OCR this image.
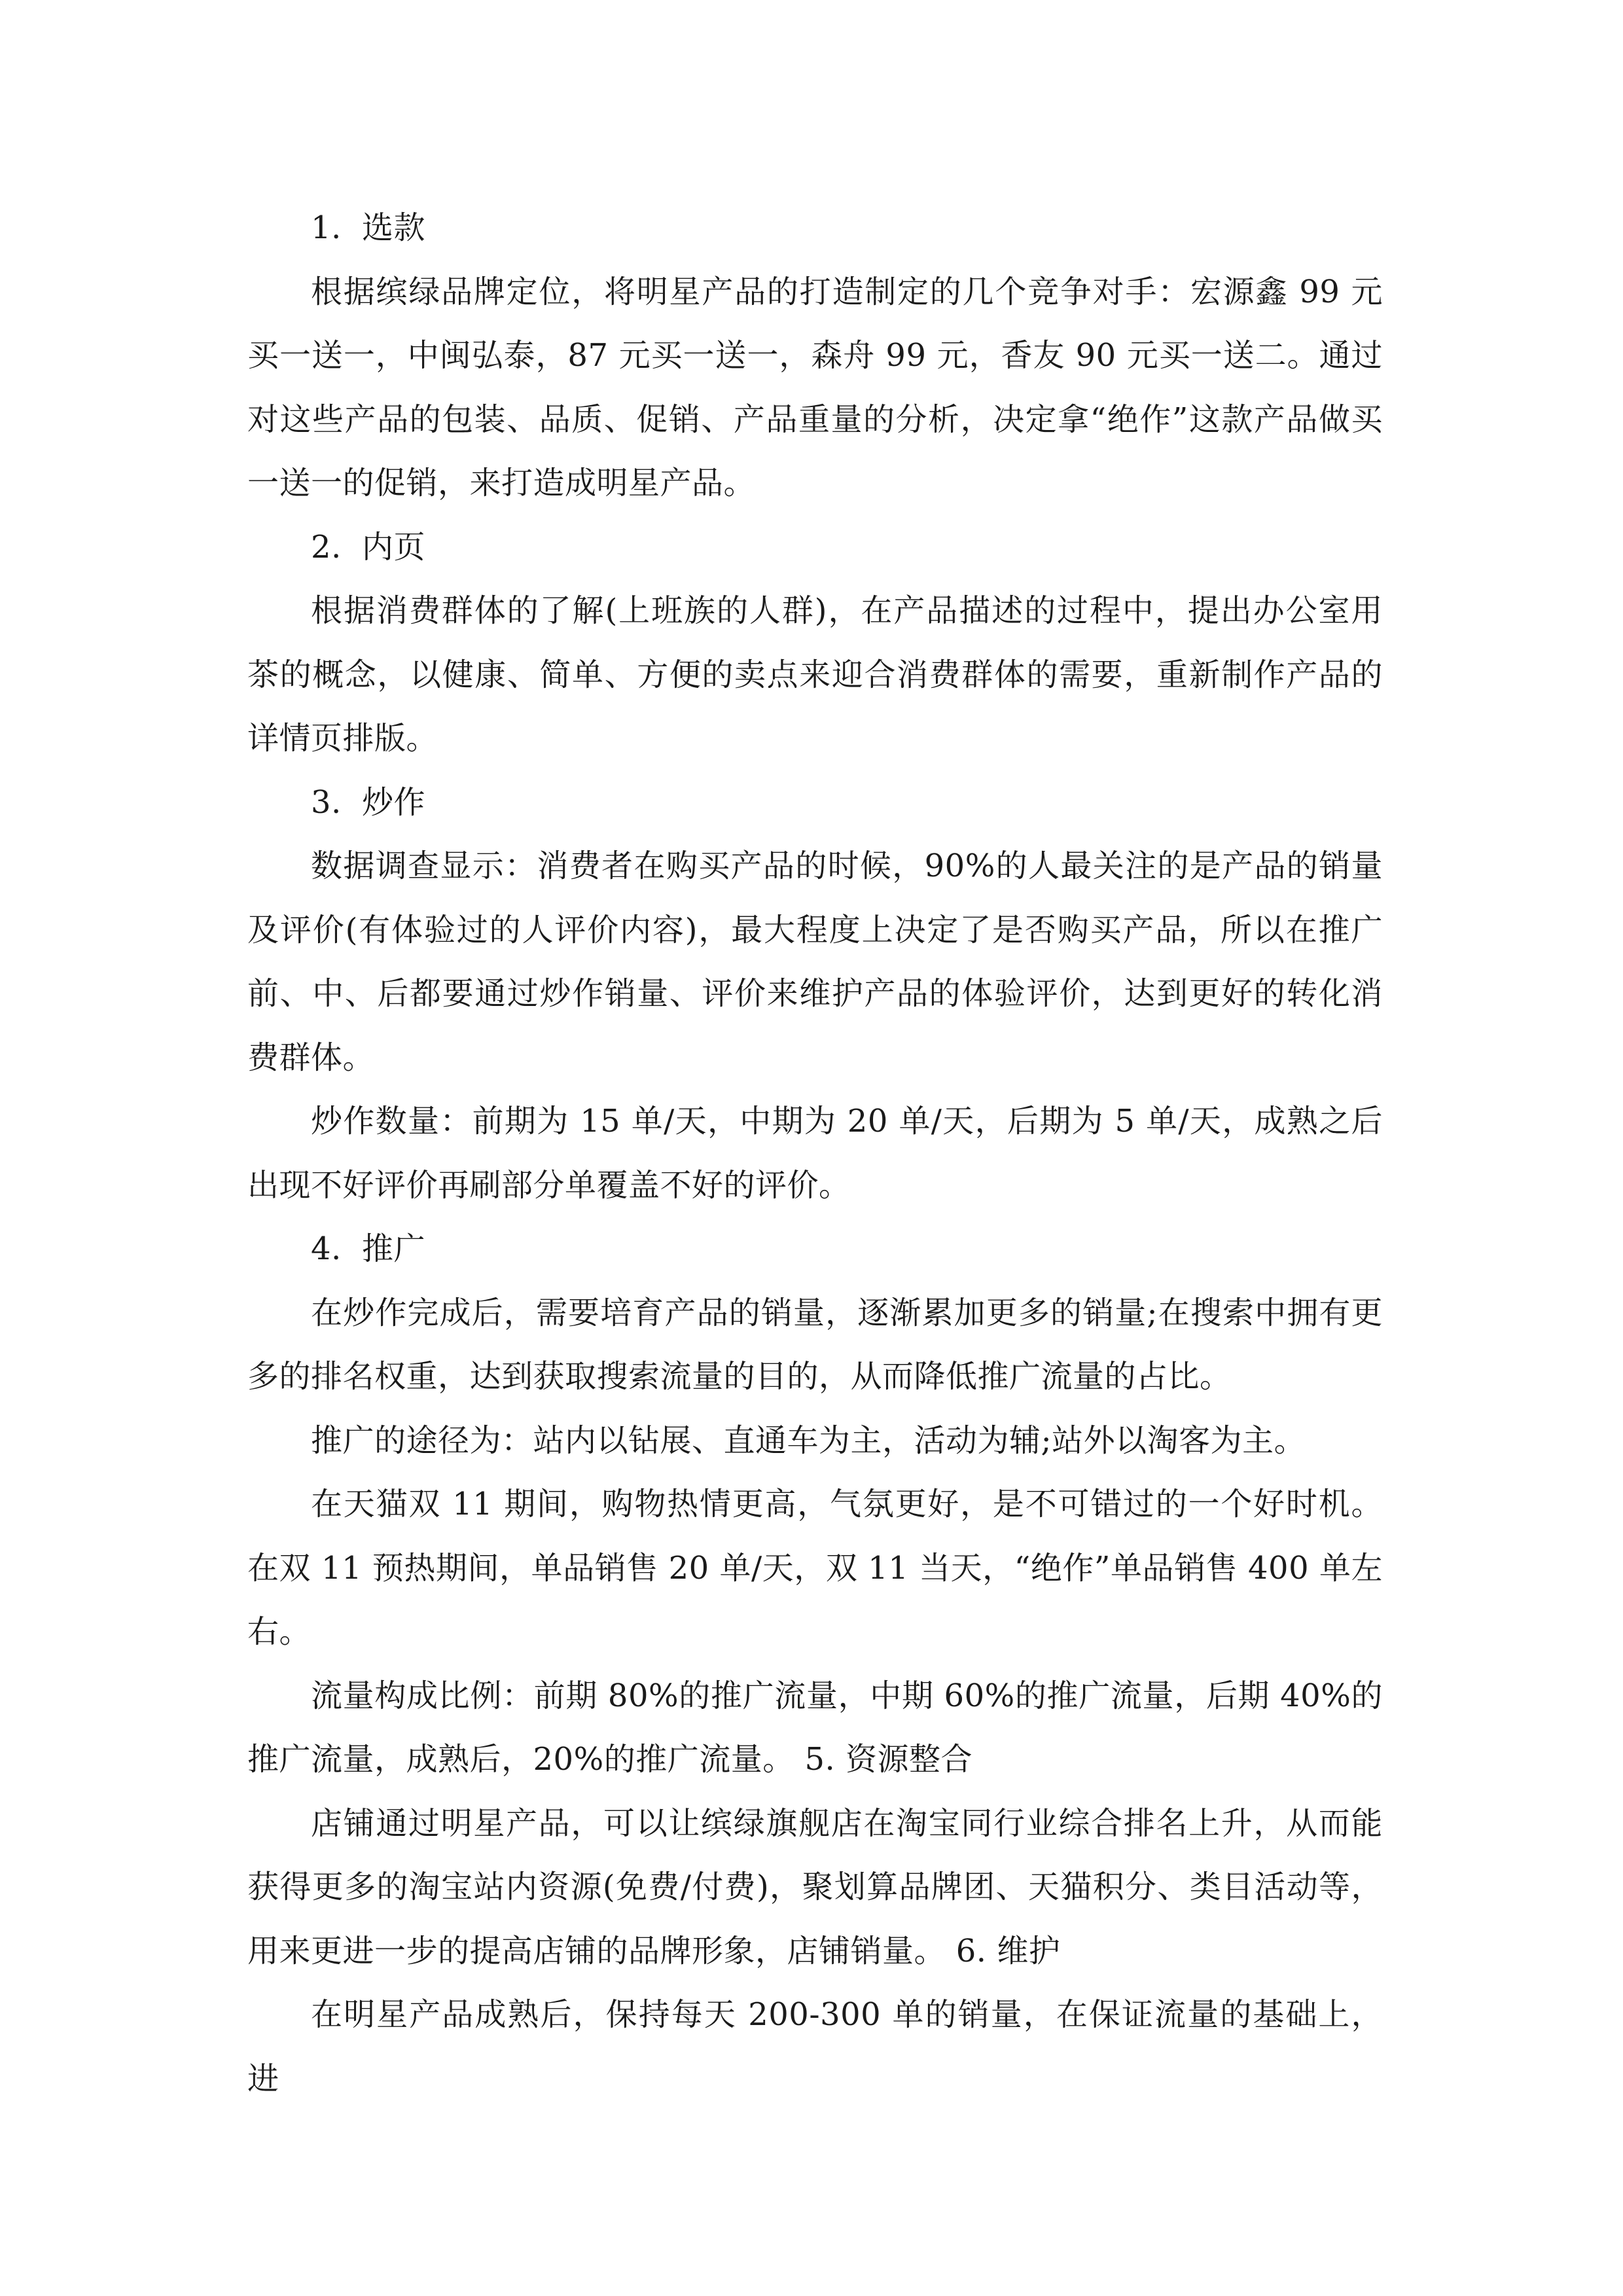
1. 选款

根据缤绿品牌定位，将明星产品的打造制定的几个竞争对手：宏源鑫 99 元买一送一，中闽弘泰，87 元买一送一，森舟 99 元，香友 90 元买一送二。通过对这些产品的包装、品质、促销、产品重量的分析，决定拿“绝作”这款产品做买一送一的促销，来打造成明星产品。

2. 内页

根据消费群体的了解(上班族的人群)，在产品描述的过程中，提出办公室用茶的概念，以健康、简单、方便的卖点来迎合消费群体的需要，重新制作产品的详情页排版。

3. 炒作

数据调查显示：消费者在购买产品的时候，90%的人最关注的是产品的销量及评价(有体验过的人评价内容)，最大程度上决定了是否购买产品，所以在推广前、中、后都要通过炒作销量、评价来维护产品的体验评价，达到更好的转化消费群体。

炒作数量：前期为 15 单/天，中期为 20 单/天，后期为 5 单/天，成熟之后出现不好评价再刷部分单覆盖不好的评价。

4. 推广

在炒作完成后，需要培育产品的销量，逐渐累加更多的销量;在搜索中拥有更多的排名权重，达到获取搜索流量的目的，从而降低推广流量的占比。

推广的途径为：站内以钻展、直通车为主，活动为辅;站外以淘客为主。

在天猫双 11 期间，购物热情更高，气氛更好，是不可错过的一个好时机。在双 11 预热期间，单品销售 20 单/天，双 11 当天，“绝作”单品销售 400 单左右。

流量构成比例：前期 80%的推广流量，中期 60%的推广流量，后期 40%的推广流量，成熟后，20%的推广流量。 5. 资源整合

店铺通过明星产品，可以让缤绿旗舰店在淘宝同行业综合排名上升，从而能获得更多的淘宝站内资源(免费/付费)，聚划算品牌团、天猫积分、类目活动等，用来更进一步的提高店铺的品牌形象，店铺销量。 6. 维护

在明星产品成熟后，保持每天 200-300 单的销量，在保证流量的基础上，进
